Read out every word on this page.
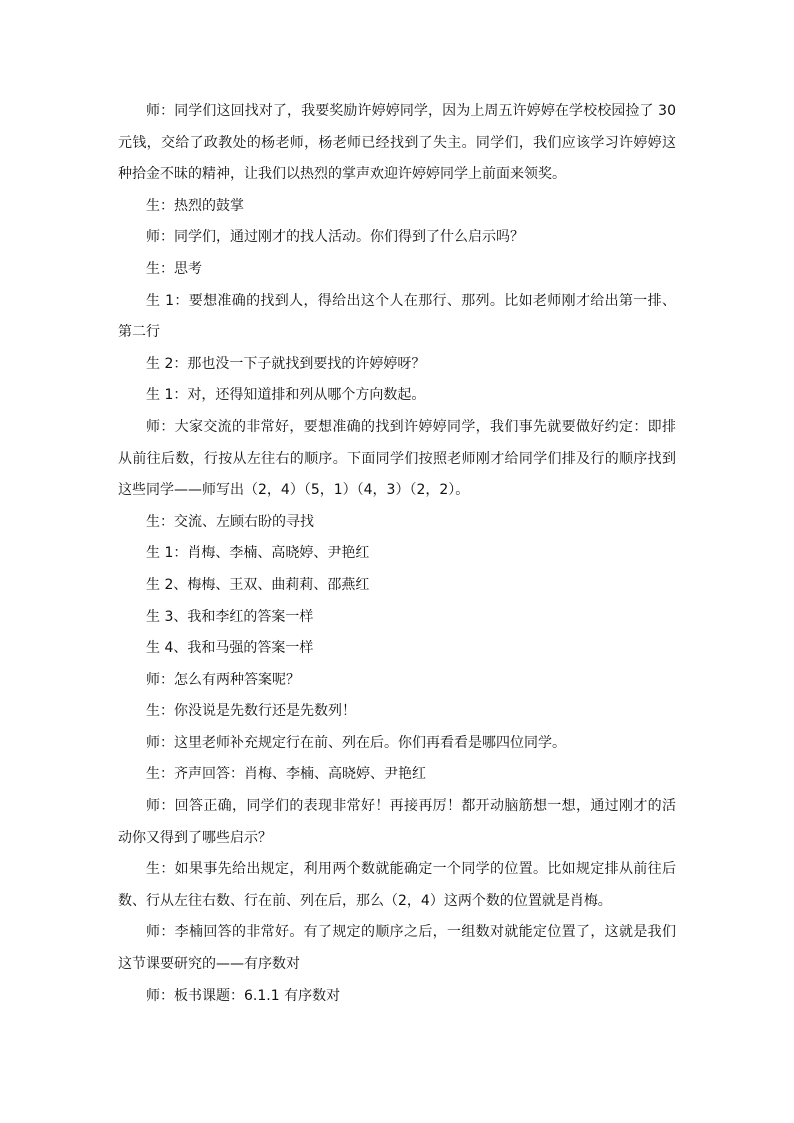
师：同学们这回找对了，我要奖励许婷婷同学，因为上周五许婷婷在学校校园捡了 30 元钱，交给了政教处的杨老师，杨老师已经找到了失主。同学们，我们应该学习许婷婷这种拾金不昧的精神，让我们以热烈的掌声欢迎许婷婷同学上前面来领奖。

生：热烈的鼓掌

师：同学们，通过刚才的找人活动。你们得到了什么启示吗？

生：思考

生 1：要想准确的找到人，得给出这个人在那行、那列。比如老师刚才给出第一排、第二行

生 2：那也没一下子就找到要找的许婷婷呀？

生 1：对，还得知道排和列从哪个方向数起。

师：大家交流的非常好，要想准确的找到许婷婷同学，我们事先就要做好约定：即排从前往后数，行按从左往右的顺序。下面同学们按照老师刚才给同学们排及行的顺序找到这些同学——师写出（2，4）（5，1）（4，3）（2，2）。

生：交流、左顾右盼的寻找

生 1：肖梅、李楠、高晓婷、尹艳红

生 2、梅梅、王双、曲莉莉、邵燕红

生 3、我和李红的答案一样

生 4、我和马强的答案一样

师：怎么有两种答案呢？

生：你没说是先数行还是先数列！

师：这里老师补充规定行在前、列在后。你们再看看是哪四位同学。

生：齐声回答：肖梅、李楠、高晓婷、尹艳红

师：回答正确，同学们的表现非常好！再接再厉！都开动脑筋想一想，通过刚才的活动你又得到了哪些启示？

生：如果事先给出规定，利用两个数就能确定一个同学的位置。比如规定排从前往后数、行从左往右数、行在前、列在后，那么（2，4）这两个数的位置就是肖梅。

师：李楠回答的非常好。有了规定的顺序之后，一组数对就能定位置了，这就是我们这节课要研究的——有序数对

师：板书课题：6.1.1 有序数对
